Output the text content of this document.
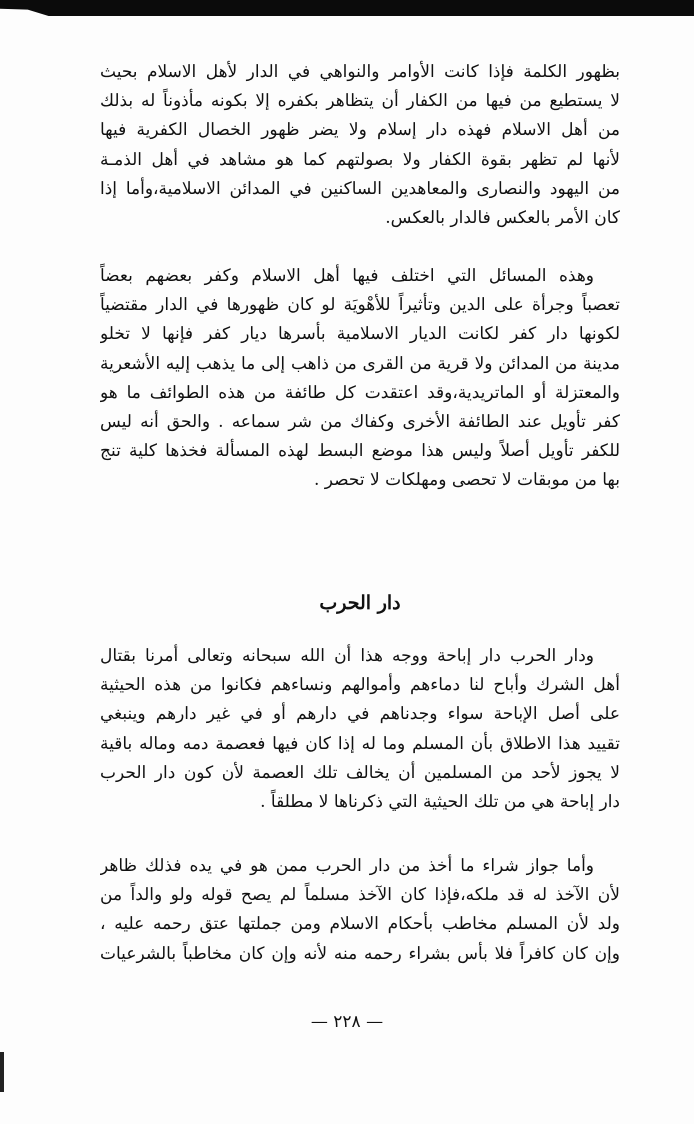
بظهور الكلمة فإذا كانت الأوامر والنواهي في الدار لأهل الاسلام بحيث
لا يستطيع من فيها من الكفار أن يتظاهر بكفره إلا بكونه مأذوناً له بذلك
من أهل الاسلام فهذه دار إسلام ولا يضر ظهور الخصال الكفرية فيها
لأنها لم تظهر بقوة الكفار ولا بصولتهم كما هو مشاهد في أهل الذمـة
من اليهود والنصارى والمعاهدين الساكنين في المدائن الاسلامية،وأما إذا
كان الأمر بالعكس فالدار بالعكس.
وهذه المسائل التي اختلف فيها أهل الاسلام وكفر بعضهم بعضاً
تعصباً وجرأة على الدين وتأثيراً للأهْويَة لو كان ظهورها في الدار مقتضياً
لكونها دار كفر لكانت الديار الاسلامية بأسرها ديار كفر فإنها لا تخلو
مدينة من المدائن ولا قرية من القرى من ذاهب إلى ما يذهب إليه الأشعرية
والمعتزلة أو الماتريدية،وقد اعتقدت كل طائفة من هذه الطوائف ما هو
كفر تأويل عند الطائفة الأخرى وكفاك من شر سماعه . والحق أنه ليس
للكفر تأويل أصلاً وليس هذا موضع البسط لهذه المسألة فخذها كلية تنج
بها من موبقات لا تحصى ومهلكات لا تحصر .
دار الحرب
ودار الحرب دار إباحة ووجه هذا أن الله سبحانه وتعالى أمرنا بقتال
أهل الشرك وأباح لنا دماءهم وأموالهم ونساءهم فكانوا من هذه الحيثية
على أصل الإباحة سواء وجدناهم في دارهم أو في غير دارهم وينبغي
تقييد هذا الاطلاق بأن المسلم وما له إذا كان فيها فعصمة دمه وماله باقية
لا يجوز لأحد من المسلمين أن يخالف تلك العصمة لأن كون دار الحرب
دار إباحة هي من تلك الحيثية التي ذكرناها لا مطلقاً .
وأما جواز شراء ما أخذ من دار الحرب ممن هو في يده فذلك ظاهر
لأن الآخذ له قد ملكه،فإذا كان الآخذ مسلماً لم يصح قوله ولو والداً من
ولد لأن المسلم مخاطب بأحكام الاسلام ومن جملتها عتق رحمه عليه ،
وإن كان كافراً فلا بأس بشراء رحمه منه لأنه وإن كان مخاطباً بالشرعيات
— ٢٢٨ —
